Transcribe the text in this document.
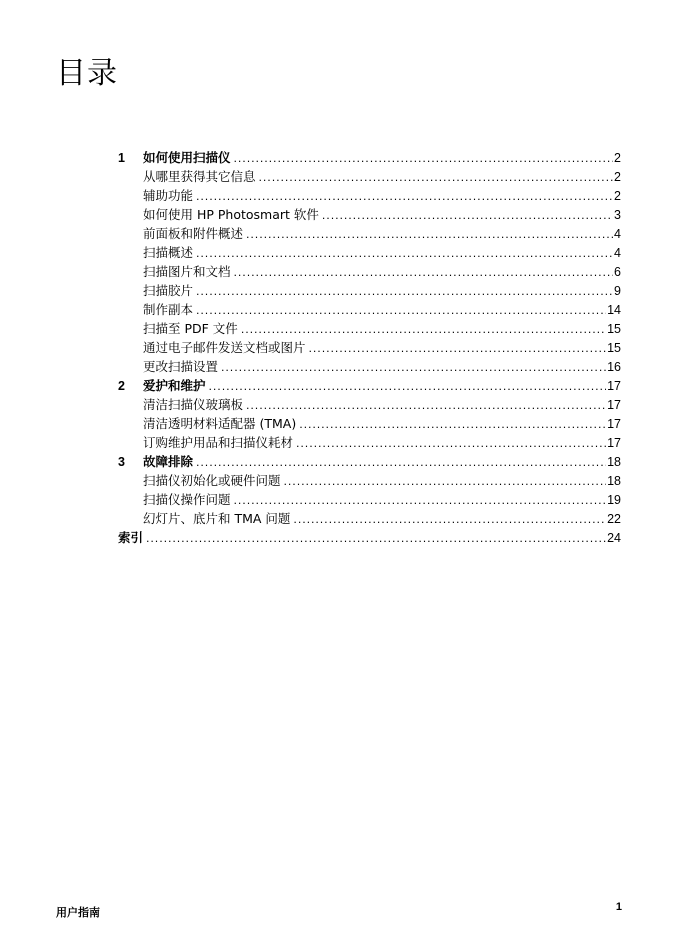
目录
1	如何使用扫描仪 . . .	2
从哪里获得其它信息 . . .	2
辅助功能 . . .	2
如何使用 HP Photosmart 软件 . . .	3
前面板和附件概述 . . .	4
扫描概述 . . .	4
扫描图片和文档 . . .	6
扫描胶片 . . .	9
制作副本 . . .	14
扫描至 PDF 文件 . . .	15
通过电子邮件发送文档或图片 . . .	15
更改扫描设置 . . .	16
2	爱护和维护 . . .	17
清洁扫描仪玻璃板 . . .	17
清洁透明材料适配器 (TMA) . . .	17
订购维护用品和扫描仪耗材 . . .	17
3	故障排除 . . .	18
扫描仪初始化或硬件问题 . . .	18
扫描仪操作问题 . . .	19
幻灯片、底片和 TMA 问题 . . .	22
索引 . . .	24
用户指南	1
